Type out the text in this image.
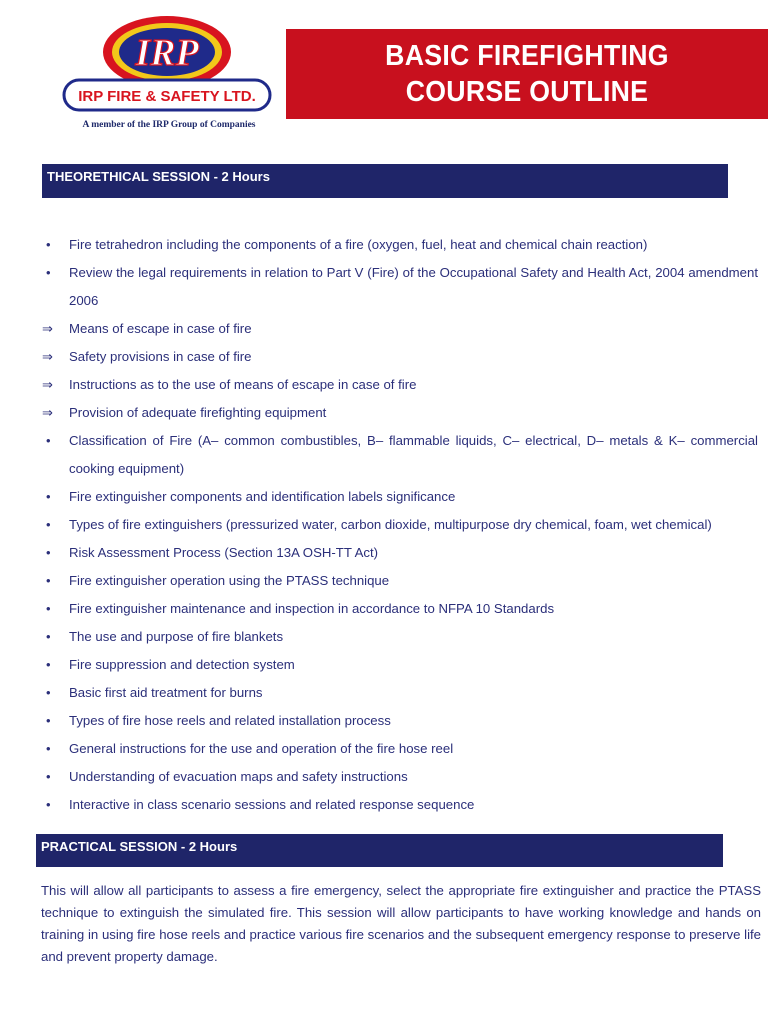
IRP
IRP FIRE & SAFETY LTD.
A member of the IRP Group of Companies
BASIC FIREFIGHTING
COURSE OUTLINE
THEORETHICAL SESSION - 2 Hours
•	Fire tetrahedron including the components of a fire (oxygen, fuel, heat and chemical chain reaction)
•	Review the legal requirements in relation to Part V (Fire) of the Occupational Safety and Health Act, 2004 amendment 2006
⇒	Means of escape in case of fire
⇒	Safety provisions in case of fire
⇒	Instructions as to the use of means of escape in case of fire
⇒	Provision of adequate firefighting equipment
•	Classification of Fire (A– common combustibles, B– flammable liquids, C– electrical, D– metals & K– commercial cooking equipment)
•	Fire extinguisher components and identification labels significance
•	Types of fire extinguishers (pressurized water, carbon dioxide, multipurpose dry chemical, foam, wet chemical)
•	Risk Assessment Process (Section 13A OSH-TT Act)
•	Fire extinguisher operation using the PTASS technique
•	Fire extinguisher maintenance and inspection in accordance to NFPA 10 Standards
•	The use and purpose of fire blankets
•	Fire suppression and detection system
•	Basic first aid treatment for burns
•	Types of fire hose reels and related installation process
•	General instructions for the use and operation of the fire hose reel
•	Understanding of evacuation maps and safety instructions
•	Interactive in class scenario sessions and related response sequence
PRACTICAL SESSION - 2 Hours

This will allow all participants to assess a fire emergency, select the appropriate fire extinguisher and practice the PTASS technique to extinguish the simulated fire. This session will allow participants to have working knowledge and hands on training in using fire hose reels and practice various fire scenarios and the subsequent emergency response to preserve life and prevent property damage.
